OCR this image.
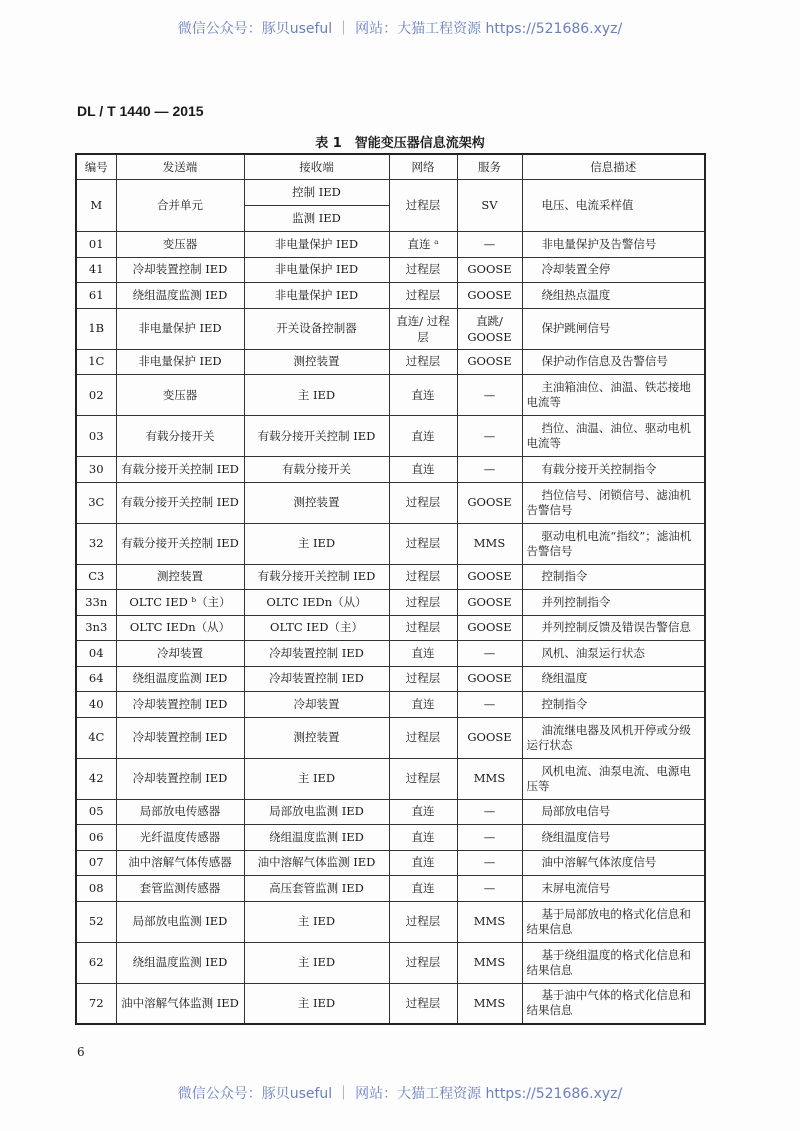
微信公众号：豚贝useful ｜ 网站：大猫工程资源 https://521686.xyz/
DL / T 1440 — 2015
表 1　智能变压器信息流架构
编号	发送端	接收端	网络	服务	信息描述
M	合并单元	控制 IED	过程层	SV	电压、电流采样值
		监测 IED			
01	变压器	非电量保护 IED	直连 ᵃ	—	非电量保护及告警信号
41	冷却装置控制 IED	非电量保护 IED	过程层	GOOSE	冷却装置全停
61	绕组温度监测 IED	非电量保护 IED	过程层	GOOSE	绕组热点温度
1B	非电量保护 IED	开关设备控制器	直连/ 过程层	直跳/ GOOSE	保护跳闸信号
1C	非电量保护 IED	测控装置	过程层	GOOSE	保护动作信息及告警信号
02	变压器	主 IED	直连	—	主油箱油位、油温、铁芯接地电流等
03	有载分接开关	有载分接开关控制 IED	直连	—	挡位、油温、油位、驱动电机电流等
30	有载分接开关控制 IED	有载分接开关	直连	—	有载分接开关控制指令
3C	有载分接开关控制 IED	测控装置	过程层	GOOSE	挡位信号、闭锁信号、滤油机告警信号
32	有载分接开关控制 IED	主 IED	过程层	MMS	驱动电机电流“指纹”；滤油机告警信号
C3	测控装置	有载分接开关控制 IED	过程层	GOOSE	控制指令
33n	OLTC IED ᵇ（主）	OLTC IEDn（从）	过程层	GOOSE	并列控制指令
3n3	OLTC IEDn（从）	OLTC IED（主）	过程层	GOOSE	并列控制反馈及错误告警信息
04	冷却装置	冷却装置控制 IED	直连	—	风机、油泵运行状态
64	绕组温度监测 IED	冷却装置控制 IED	过程层	GOOSE	绕组温度
40	冷却装置控制 IED	冷却装置	直连	—	控制指令
4C	冷却装置控制 IED	测控装置	过程层	GOOSE	油流继电器及风机开停或分级运行状态
42	冷却装置控制 IED	主 IED	过程层	MMS	风机电流、油泵电流、电源电压等
05	局部放电传感器	局部放电监测 IED	直连	—	局部放电信号
06	光纤温度传感器	绕组温度监测 IED	直连	—	绕组温度信号
07	油中溶解气体传感器	油中溶解气体监测 IED	直连	—	油中溶解气体浓度信号
08	套管监测传感器	高压套管监测 IED	直连	—	末屏电流信号
52	局部放电监测 IED	主 IED	过程层	MMS	基于局部放电的格式化信息和结果信息
62	绕组温度监测 IED	主 IED	过程层	MMS	基于绕组温度的格式化信息和结果信息
72	油中溶解气体监测 IED	主 IED	过程层	MMS	基于油中气体的格式化信息和结果信息
6
微信公众号：豚贝useful ｜ 网站：大猫工程资源 https://521686.xyz/
